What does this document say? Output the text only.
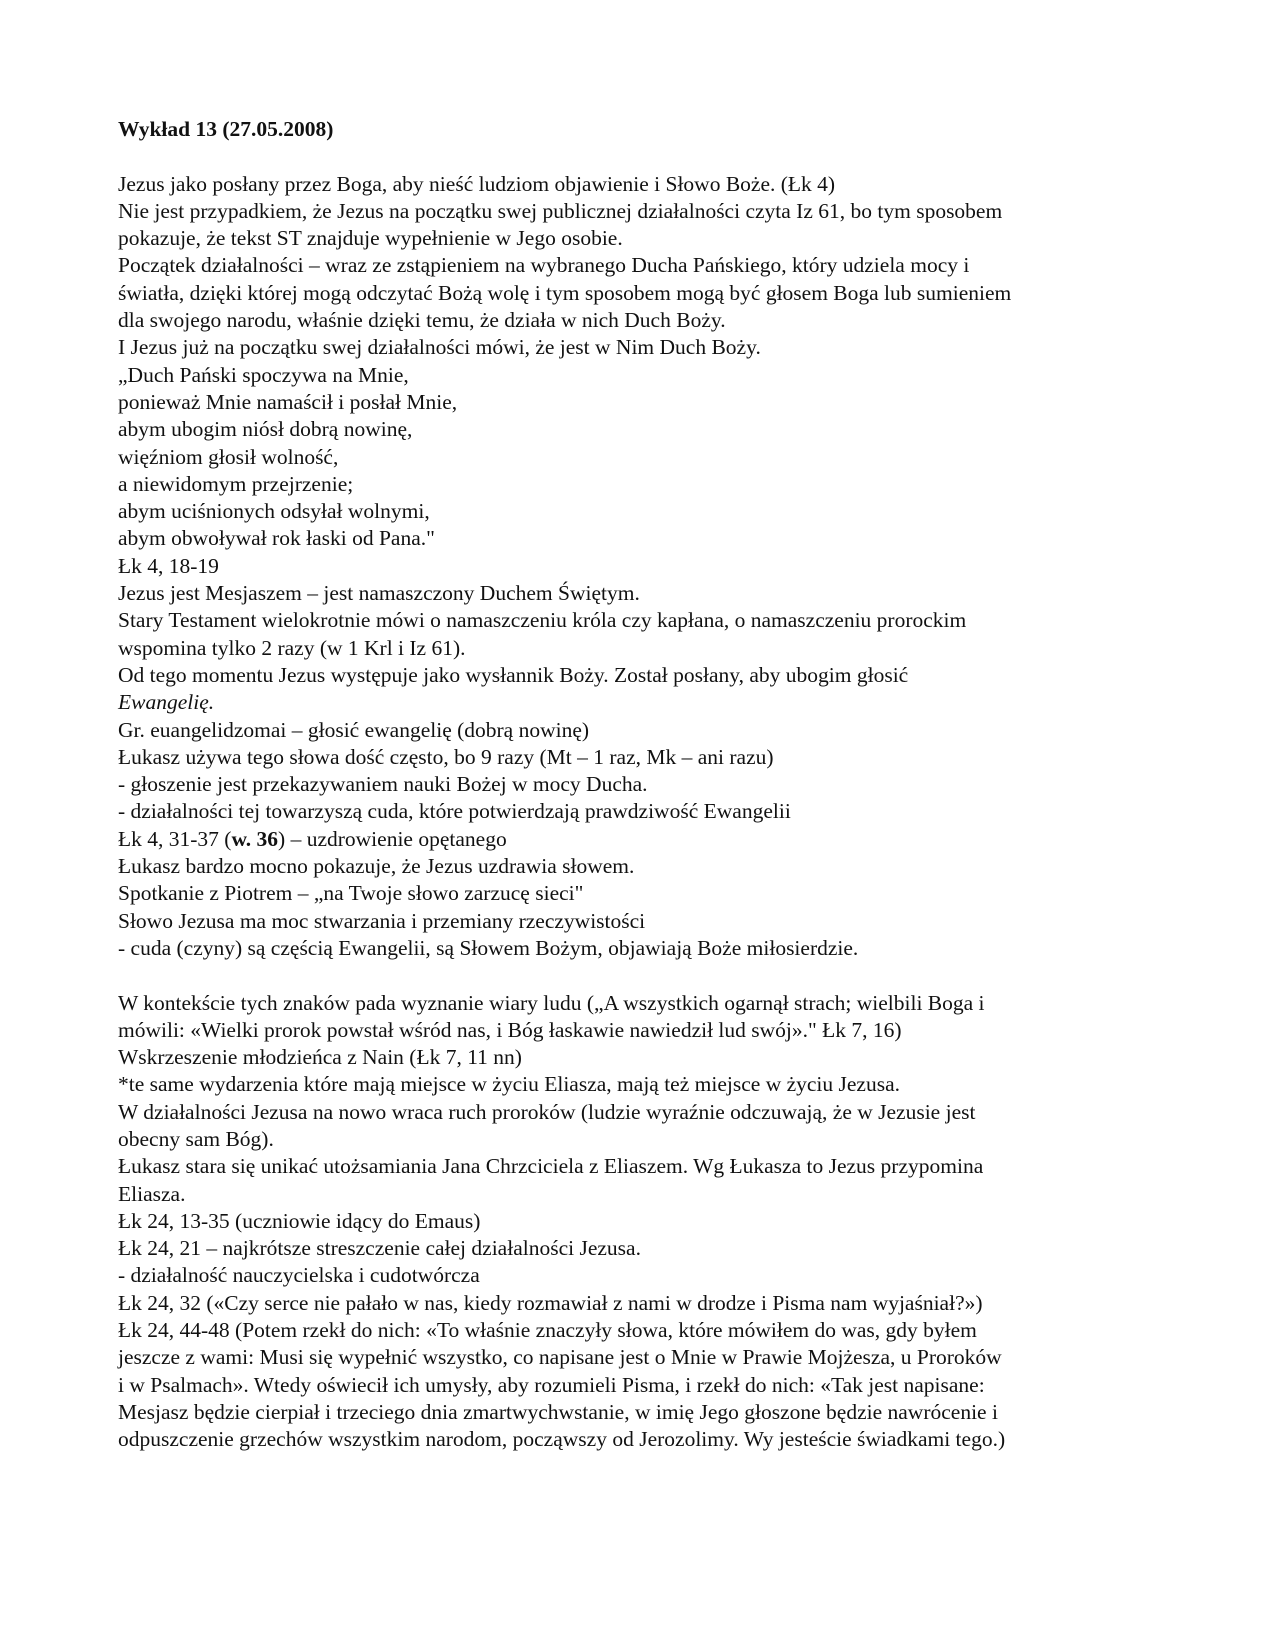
Wykład 13 (27.05.2008)
Jezus jako posłany przez Boga, aby nieść ludziom objawienie i Słowo Boże. (Łk 4)
Nie jest przypadkiem, że Jezus na początku swej publicznej działalności czyta Iz 61, bo tym sposobem
pokazuje, że tekst ST znajduje wypełnienie w Jego osobie.
Początek działalności – wraz ze zstąpieniem na wybranego Ducha Pańskiego, który udziela mocy i
światła, dzięki której mogą odczytać Bożą wolę i tym sposobem mogą być głosem Boga lub sumieniem
dla swojego narodu, właśnie dzięki temu, że działa w nich Duch Boży.
I Jezus już na początku swej działalności mówi, że jest w Nim Duch Boży.
„Duch Pański spoczywa na Mnie,
ponieważ Mnie namaścił i posłał Mnie,
abym ubogim niósł dobrą nowinę,
więźniom głosił wolność,
a niewidomym przejrzenie;
abym uciśnionych odsyłał wolnymi,
abym obwoływał rok łaski od Pana."
Łk 4, 18-19
Jezus jest Mesjaszem – jest namaszczony Duchem Świętym.
Stary Testament wielokrotnie mówi o namaszczeniu króla czy kapłana, o namaszczeniu prorockim
wspomina tylko 2 razy (w 1 Krl i Iz 61).
Od tego momentu Jezus występuje jako wysłannik Boży. Został posłany, aby ubogim głosić
Ewangelię.
Gr. euangelidzomai – głosić ewangelię (dobrą nowinę)
Łukasz używa tego słowa dość często, bo 9 razy (Mt – 1 raz, Mk – ani razu)
- głoszenie jest przekazywaniem nauki Bożej w mocy Ducha.
- działalności tej towarzyszą cuda, które potwierdzają prawdziwość Ewangelii
Łk 4, 31-37 (w. 36) – uzdrowienie opętanego
Łukasz bardzo mocno pokazuje, że Jezus uzdrawia słowem.
Spotkanie z Piotrem – „na Twoje słowo zarzucę sieci"
Słowo Jezusa ma moc stwarzania i przemiany rzeczywistości
- cuda (czyny) są częścią Ewangelii, są Słowem Bożym, objawiają Boże miłosierdzie.
W kontekście tych znaków pada wyznanie wiary ludu („A wszystkich ogarnął strach; wielbili Boga i
mówili: «Wielki prorok powstał wśród nas, i Bóg łaskawie nawiedził lud swój»." Łk 7, 16)
Wskrzeszenie młodzieńca z Nain (Łk 7, 11 nn)
*te same wydarzenia które mają miejsce w życiu Eliasza, mają też miejsce w życiu Jezusa.
W działalności Jezusa na nowo wraca ruch proroków (ludzie wyraźnie odczuwają, że w Jezusie jest
obecny sam Bóg).
Łukasz stara się unikać utożsamiania Jana Chrzciciela z Eliaszem. Wg Łukasza to Jezus przypomina
Eliasza.
Łk 24, 13-35 (uczniowie idący do Emaus)
Łk 24, 21 – najkrótsze streszczenie całej działalności Jezusa.
- działalność nauczycielska i cudotwórcza
Łk 24, 32 («Czy serce nie pałało w nas, kiedy rozmawiał z nami w drodze i Pisma nam wyjaśniał?»)
Łk 24, 44-48 (Potem rzekł do nich: «To właśnie znaczyły słowa, które mówiłem do was, gdy byłem
jeszcze z wami: Musi się wypełnić wszystko, co napisane jest o Mnie w Prawie Mojżesza, u Proroków
i w Psalmach». Wtedy oświecił ich umysły, aby rozumieli Pisma, i rzekł do nich: «Tak jest napisane:
Mesjasz będzie cierpiał i trzeciego dnia zmartwychwstanie, w imię Jego głoszone będzie nawrócenie i
odpuszczenie grzechów wszystkim narodom, począwszy od Jerozolimy. Wy jesteście świadkami tego.)
